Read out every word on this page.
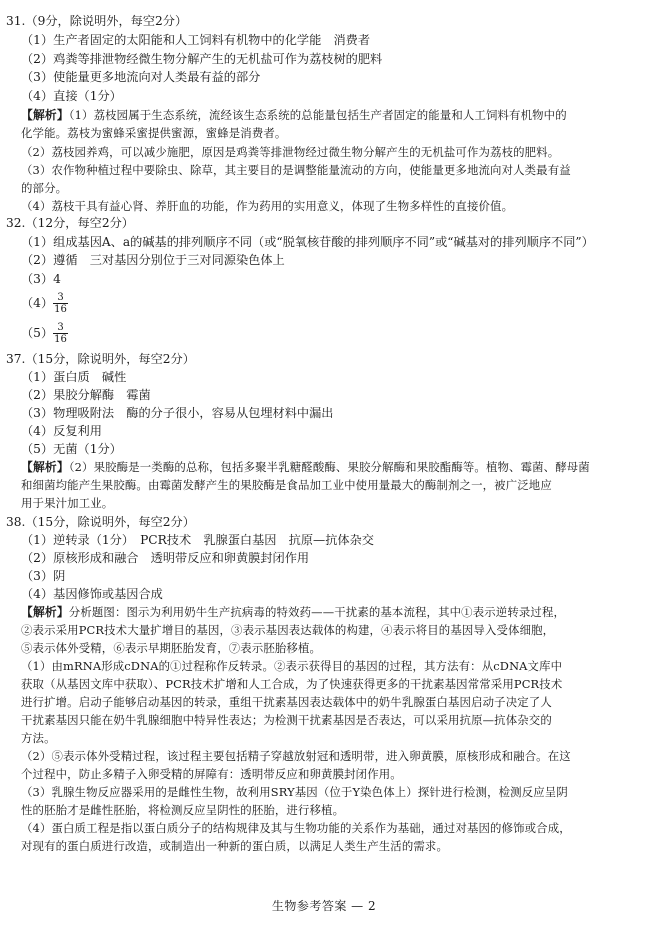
31.（9分，除说明外，每空2分）
（1）生产者固定的太阳能和人工饲料有机物中的化学能　消费者
（2）鸡粪等排泄物经微生物分解产生的无机盐可作为荔枝树的肥料
（3）使能量更多地流向对人类最有益的部分
（4）直接（1分）
【解析】（1）荔枝园属于生态系统，流经该生态系统的总能量包括生产者固定的能量和人工饲料有机物中的
化学能。荔枝为蜜蜂采蜜提供蜜源，蜜蜂是消费者。
（2）荔枝园养鸡，可以减少施肥，原因是鸡粪等排泄物经过微生物分解产生的无机盐可作为荔枝的肥料。
（3）农作物种植过程中要除虫、除草，其主要目的是调整能量流动的方向，使能量更多地流向对人类最有益
的部分。
（4）荔枝干具有益心肾、养肝血的功能，作为药用的实用意义，体现了生物多样性的直接价值。
32.（12分，每空2分）
（1）组成基因A、a的碱基的排列顺序不同（或“脱氧核苷酸的排列顺序不同”或“碱基对的排列顺序不同”）
（2）遵循　三对基因分别位于三对同源染色体上
（3）4
$(4) \frac{3}{16}$
$(5) \frac{3}{16}$
37.（15分，除说明外，每空2分）
（1）蛋白质　碱性
（2）果胶分解酶　霉菌
（3）物理吸附法　酶的分子很小，容易从包埋材料中漏出
（4）反复利用
（5）无菌（1分）
【解析】（2）果胶酶是一类酶的总称，包括多聚半乳糖醛酸酶、果胶分解酶和果胶酯酶等。植物、霉菌、酵母菌
和细菌均能产生果胶酶。由霉菌发酵产生的果胶酶是食品加工业中使用量最大的酶制剂之一，被广泛地应
用于果汁加工业。
38.（15分，除说明外，每空2分）
（1）逆转录（1分）　PCR技术　乳腺蛋白基因　抗原—抗体杂交
（2）原核形成和融合　透明带反应和卵黄膜封闭作用
（3）阴
（4）基因修饰或基因合成
【解析】分析题图：图示为利用奶牛生产抗病毒的特效药——干扰素的基本流程，其中①表示逆转录过程，
②表示采用PCR技术大量扩增目的基因，③表示基因表达载体的构建，④表示将目的基因导入受体细胞，
⑤表示体外受精，⑥表示早期胚胎发育，⑦表示胚胎移植。
（1）由mRNA形成cDNA的①过程称作反转录。②表示获得目的基因的过程，其方法有：从cDNA文库中
获取（从基因文库中获取）、PCR技术扩增和人工合成，为了快速获得更多的干扰素基因常常采用PCR技术
进行扩增。启动子能够启动基因的转录，重组干扰素基因表达载体中的奶牛乳腺蛋白基因启动子决定了人
干扰素基因只能在奶牛乳腺细胞中特异性表达；为检测干扰素基因是否表达，可以采用抗原—抗体杂交的
方法。
（2）⑤表示体外受精过程，该过程主要包括精子穿越放射冠和透明带，进入卵黄膜，原核形成和融合。在这
个过程中，防止多精子入卵受精的屏障有：透明带反应和卵黄膜封闭作用。
（3）乳腺生物反应器采用的是雌性生物，故利用SRY基因（位于Y染色体上）探针进行检测，检测反应呈阴
性的胚胎才是雌性胚胎，将检测反应呈阴性的胚胎，进行移植。
（4）蛋白质工程是指以蛋白质分子的结构规律及其与生物功能的关系作为基础，通过对基因的修饰或合成，
对现有的蛋白质进行改造，或制造出一种新的蛋白质，以满足人类生产生活的需求。
生物参考答案 — 2
